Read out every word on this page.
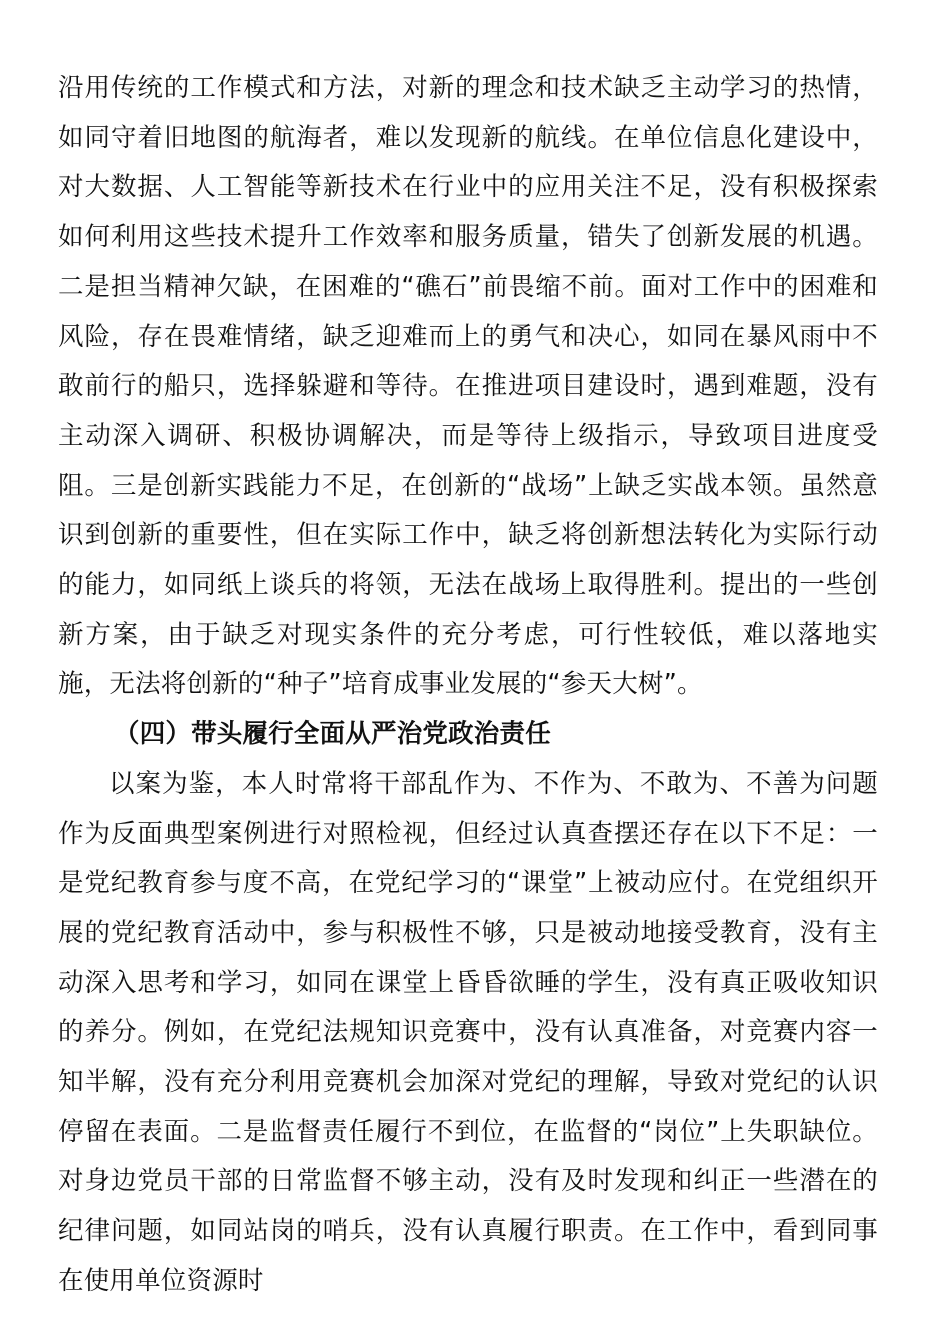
沿用传统的工作模式和方法，对新的理念和技术缺乏主动学习的热情，如同守着旧地图的航海者，难以发现新的航线。在单位信息化建设中，对大数据、人工智能等新技术在行业中的应用关注不足，没有积极探索如何利用这些技术提升工作效率和服务质量，错失了创新发展的机遇。二是担当精神欠缺，在困难的“礁石”前畏缩不前。面对工作中的困难和风险，存在畏难情绪，缺乏迎难而上的勇气和决心，如同在暴风雨中不敢前行的船只，选择躲避和等待。在推进项目建设时，遇到难题，没有主动深入调研、积极协调解决，而是等待上级指示，导致项目进度受阻。三是创新实践能力不足，在创新的“战场”上缺乏实战本领。虽然意识到创新的重要性，但在实际工作中，缺乏将创新想法转化为实际行动的能力，如同纸上谈兵的将领，无法在战场上取得胜利。提出的一些创新方案，由于缺乏对现实条件的充分考虑，可行性较低，难以落地实施，无法将创新的“种子”培育成事业发展的“参天大树”。

（四）带头履行全面从严治党政治责任

以案为鉴，本人时常将干部乱作为、不作为、不敢为、不善为问题作为反面典型案例进行对照检视，但经过认真查摆还存在以下不足：一是党纪教育参与度不高，在党纪学习的“课堂”上被动应付。在党组织开展的党纪教育活动中，参与积极性不够，只是被动地接受教育，没有主动深入思考和学习，如同在课堂上昏昏欲睡的学生，没有真正吸收知识的养分。例如，在党纪法规知识竞赛中，没有认真准备，对竞赛内容一知半解，没有充分利用竞赛机会加深对党纪的理解，导致对党纪的认识停留在表面。二是监督责任履行不到位，在监督的“岗位”上失职缺位。对身边党员干部的日常监督不够主动，没有及时发现和纠正一些潜在的纪律问题，如同站岗的哨兵，没有认真履行职责。在工作中，看到同事在使用单位资源时
